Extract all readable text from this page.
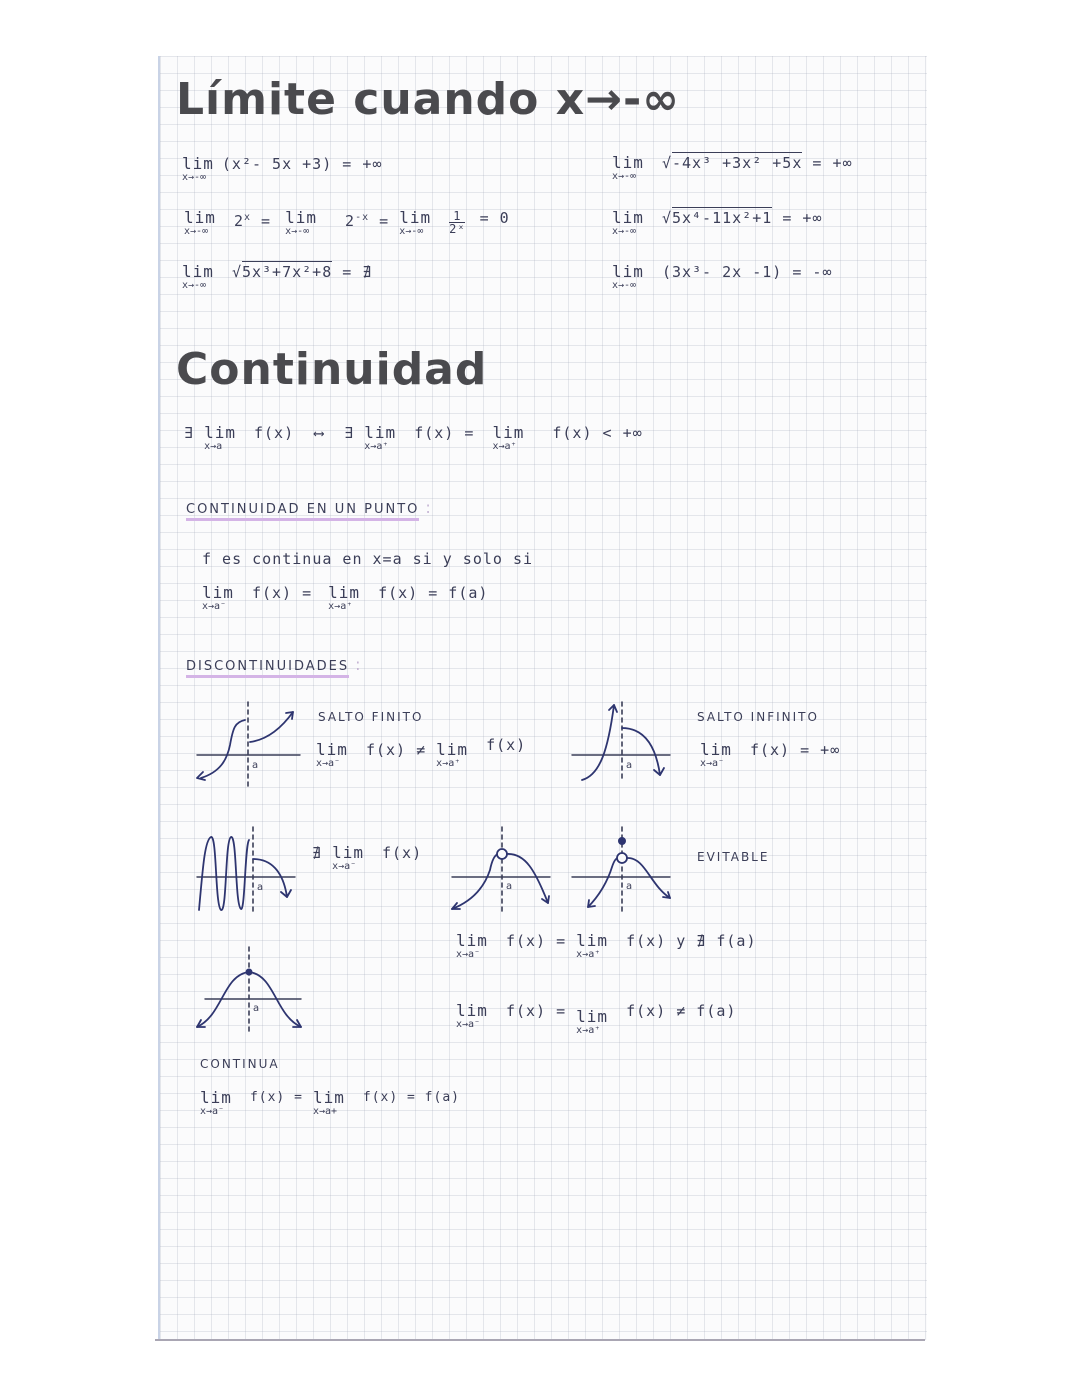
Límite cuando x→-∞
lim
x→-∞
(x²- 5x +3) = +∞
lim
x→-∞
$2^x = \lim$
x→-∞
$2^{-x} = \lim$
x→-∞
	$\frac{1}{\text{2ˣ}} = 0$
lim
x→-∞
√5x³+7x²+8 = ∄
lim
x→-∞
√-4x³ +3x² +5x = +∞
lim
x→-∞
√5x⁴-11x²+1 = +∞
lim
x→-∞
(3x³- 2x -1) = -∞
Continuidad
∃ lim
x→a
f(x) ⟷ ∃ lim
x→a⁺
f(x) = lim
x→a⁺
f(x) < +∞
CONTINUIDAD EN UN PUNTO :
f es continua en x=a si y solo si
lim
x→a⁻
f(x) = lim
x→a⁺
f(x) = f(a)
DISCONTINUIDADES :
a
SALTO FINITO
lim
x→a⁻
f(x) ≠ lim
x→a⁺
f(x)
a
SALTO INFINITO
lim
x→a⁻
f(x) = +∞
a
∄ lim
x→a⁻
f(x)
a	a
EVITABLE
lim
x→a⁻
f(x) = lim
x→a⁺
f(x) y ∄ f(a)
lim
x→a⁻
f(x) = lim
x→a⁺
f(x) ≠ f(a)
a
CONTINUA
lim
x→a⁻
f(x) = lim
x→a+
f(x) = f(a)
